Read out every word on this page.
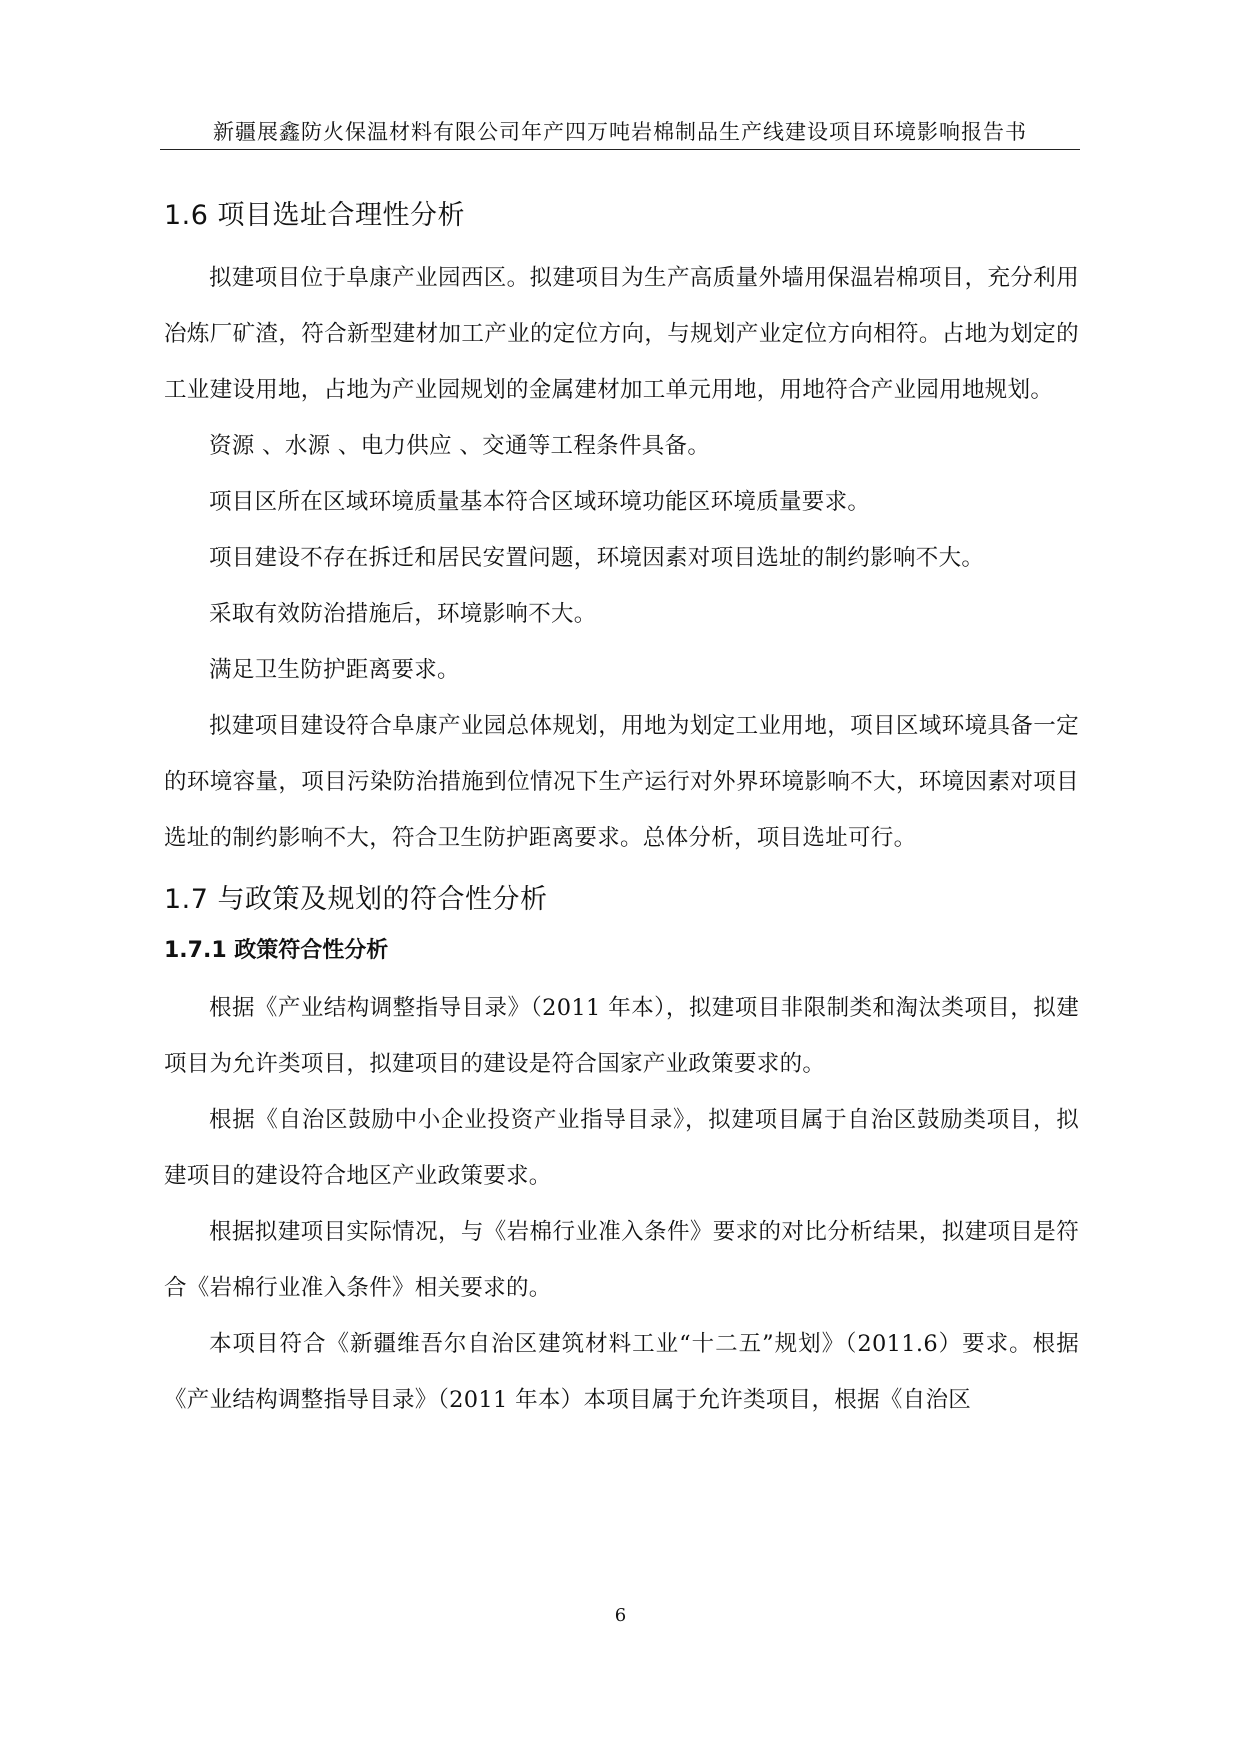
新疆展鑫防火保温材料有限公司年产四万吨岩棉制品生产线建设项目环境影响报告书
1.6 项目选址合理性分析

拟建项目位于阜康产业园西区。拟建项目为生产高质量外墙用保温岩棉项目，充分利用冶炼厂矿渣，符合新型建材加工产业的定位方向，与规划产业定位方向相符。占地为划定的工业建设用地，占地为产业园规划的金属建材加工单元用地，用地符合产业园用地规划。

资源 、水源 、电力供应 、交通等工程条件具备。

项目区所在区域环境质量基本符合区域环境功能区环境质量要求。

项目建设不存在拆迁和居民安置问题，环境因素对项目选址的制约影响不大。

采取有效防治措施后，环境影响不大。

满足卫生防护距离要求。

拟建项目建设符合阜康产业园总体规划，用地为划定工业用地，项目区域环境具备一定的环境容量，项目污染防治措施到位情况下生产运行对外界环境影响不大，环境因素对项目选址的制约影响不大，符合卫生防护距离要求。总体分析，项目选址可行。

1.7 与政策及规划的符合性分析
1.7.1 政策符合性分析

根据《产业结构调整指导目录》（2011 年本），拟建项目非限制类和淘汰类项目，拟建项目为允许类项目，拟建项目的建设是符合国家产业政策要求的。

根据《自治区鼓励中小企业投资产业指导目录》，拟建项目属于自治区鼓励类项目，拟建项目的建设符合地区产业政策要求。

根据拟建项目实际情况，与《岩棉行业准入条件》要求的对比分析结果，拟建项目是符合《岩棉行业准入条件》相关要求的。

本项目符合《新疆维吾尔自治区建筑材料工业“十二五”规划》（2011.6）要求。根据《产业结构调整指导目录》（2011 年本）本项目属于允许类项目，根据《自治区

6
